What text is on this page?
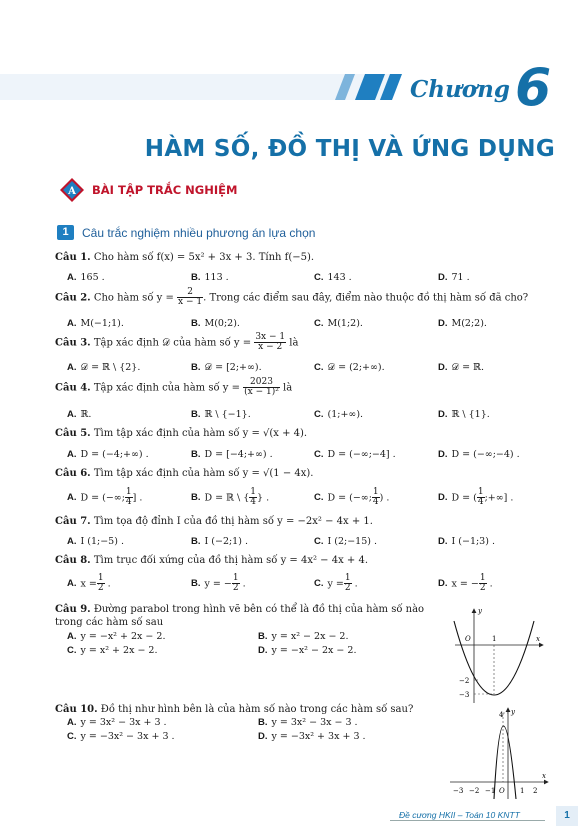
Chương 6
HÀM SỐ, ĐỒ THỊ VÀ ỨNG DỤNG
A BÀI TẬP TRẮC NGHIỆM
1	Câu trắc nghiệm nhiều phương án lựa chọn
Câu 1. Cho hàm số f(x) = 5x² + 3x + 3. Tính f(−5).
A. 165 .	B. 113 .	C. 143 .	D. 71 .
Câu 2. Cho hàm số $y = \frac{2}{x - 1}$ . Trong các điểm sau đây, điểm nào thuộc đồ thị hàm số đã cho?
A. M(−1;1).	B. M(0;2).	C. M(1;2).	D. M(2;2).
Câu 3. Tập xác định 𝒟 của hàm số $y = \frac{3x - 1}{x - 2}$ là
A. 𝒟 = ℝ \ {2}.	B. 𝒟 = [2;+∞).	C. 𝒟 = (2;+∞).	D. 𝒟 = ℝ.
Câu 4. Tập xác định của hàm số $y = \frac{2023}{\text{(x − 1)²}}$ là
A. ℝ.	B. ℝ \ {−1}.	C. (1;+∞).	D. ℝ \ {1}.
Câu 5. Tìm tập xác định của hàm số y = √(x + 4).
A. D = (−4;+∞) .	B. D = [−4;+∞) .	C. D = (−∞;−4] .	D. D = (−∞;−4) .
Câu 6. Tìm tập xác định của hàm số y = √(1 − 4x).
A. D = (−∞; $\frac{1}{4}$ ] .	B. D = ℝ \ { $\frac{1}{4}$ } .	C. D = (−∞; $\frac{1}{4}$ ) .	D. D = ( $\frac{1}{4}$ ;+∞] .
Câu 7. Tìm tọa độ đỉnh I của đồ thị hàm số y = −2x² − 4x + 1.
A. I (1;−5) .	B. I (−2;1) .	C. I (2;−15) .	D. I (−1;3) .
Câu 8. Tìm trục đối xứng của đồ thị hàm số y = 4x² − 4x + 4.
A. $x = \frac{1}{2}$ .	B. y = − $\frac{1}{2}$ .	C. $y = \frac{1}{2}$ .	D. x = − $\frac{1}{2}$ .
Câu 9. Đường parabol trong hình vẽ bên có thể là đồ thị của hàm số nào
trong các hàm số sau
A. y = −x² + 2x − 2.	B. y = x² − 2x − 2.
C. y = x² + 2x − 2.	D. y = −x² − 2x − 2.
x
y
O	1
−2
−3
Câu 10. Đồ thị như hình bên là của hàm số nào trong các hàm số sau?
A. y = 3x² − 3x + 3 .	B. y = 3x² − 3x − 3 .
C. y = −3x² − 3x + 3 .	D. y = −3x² + 3x + 3 .
x
y
4
−3 −2 −1 O 1 2
Đề cương HKII – Toán 10 KNTT	1
